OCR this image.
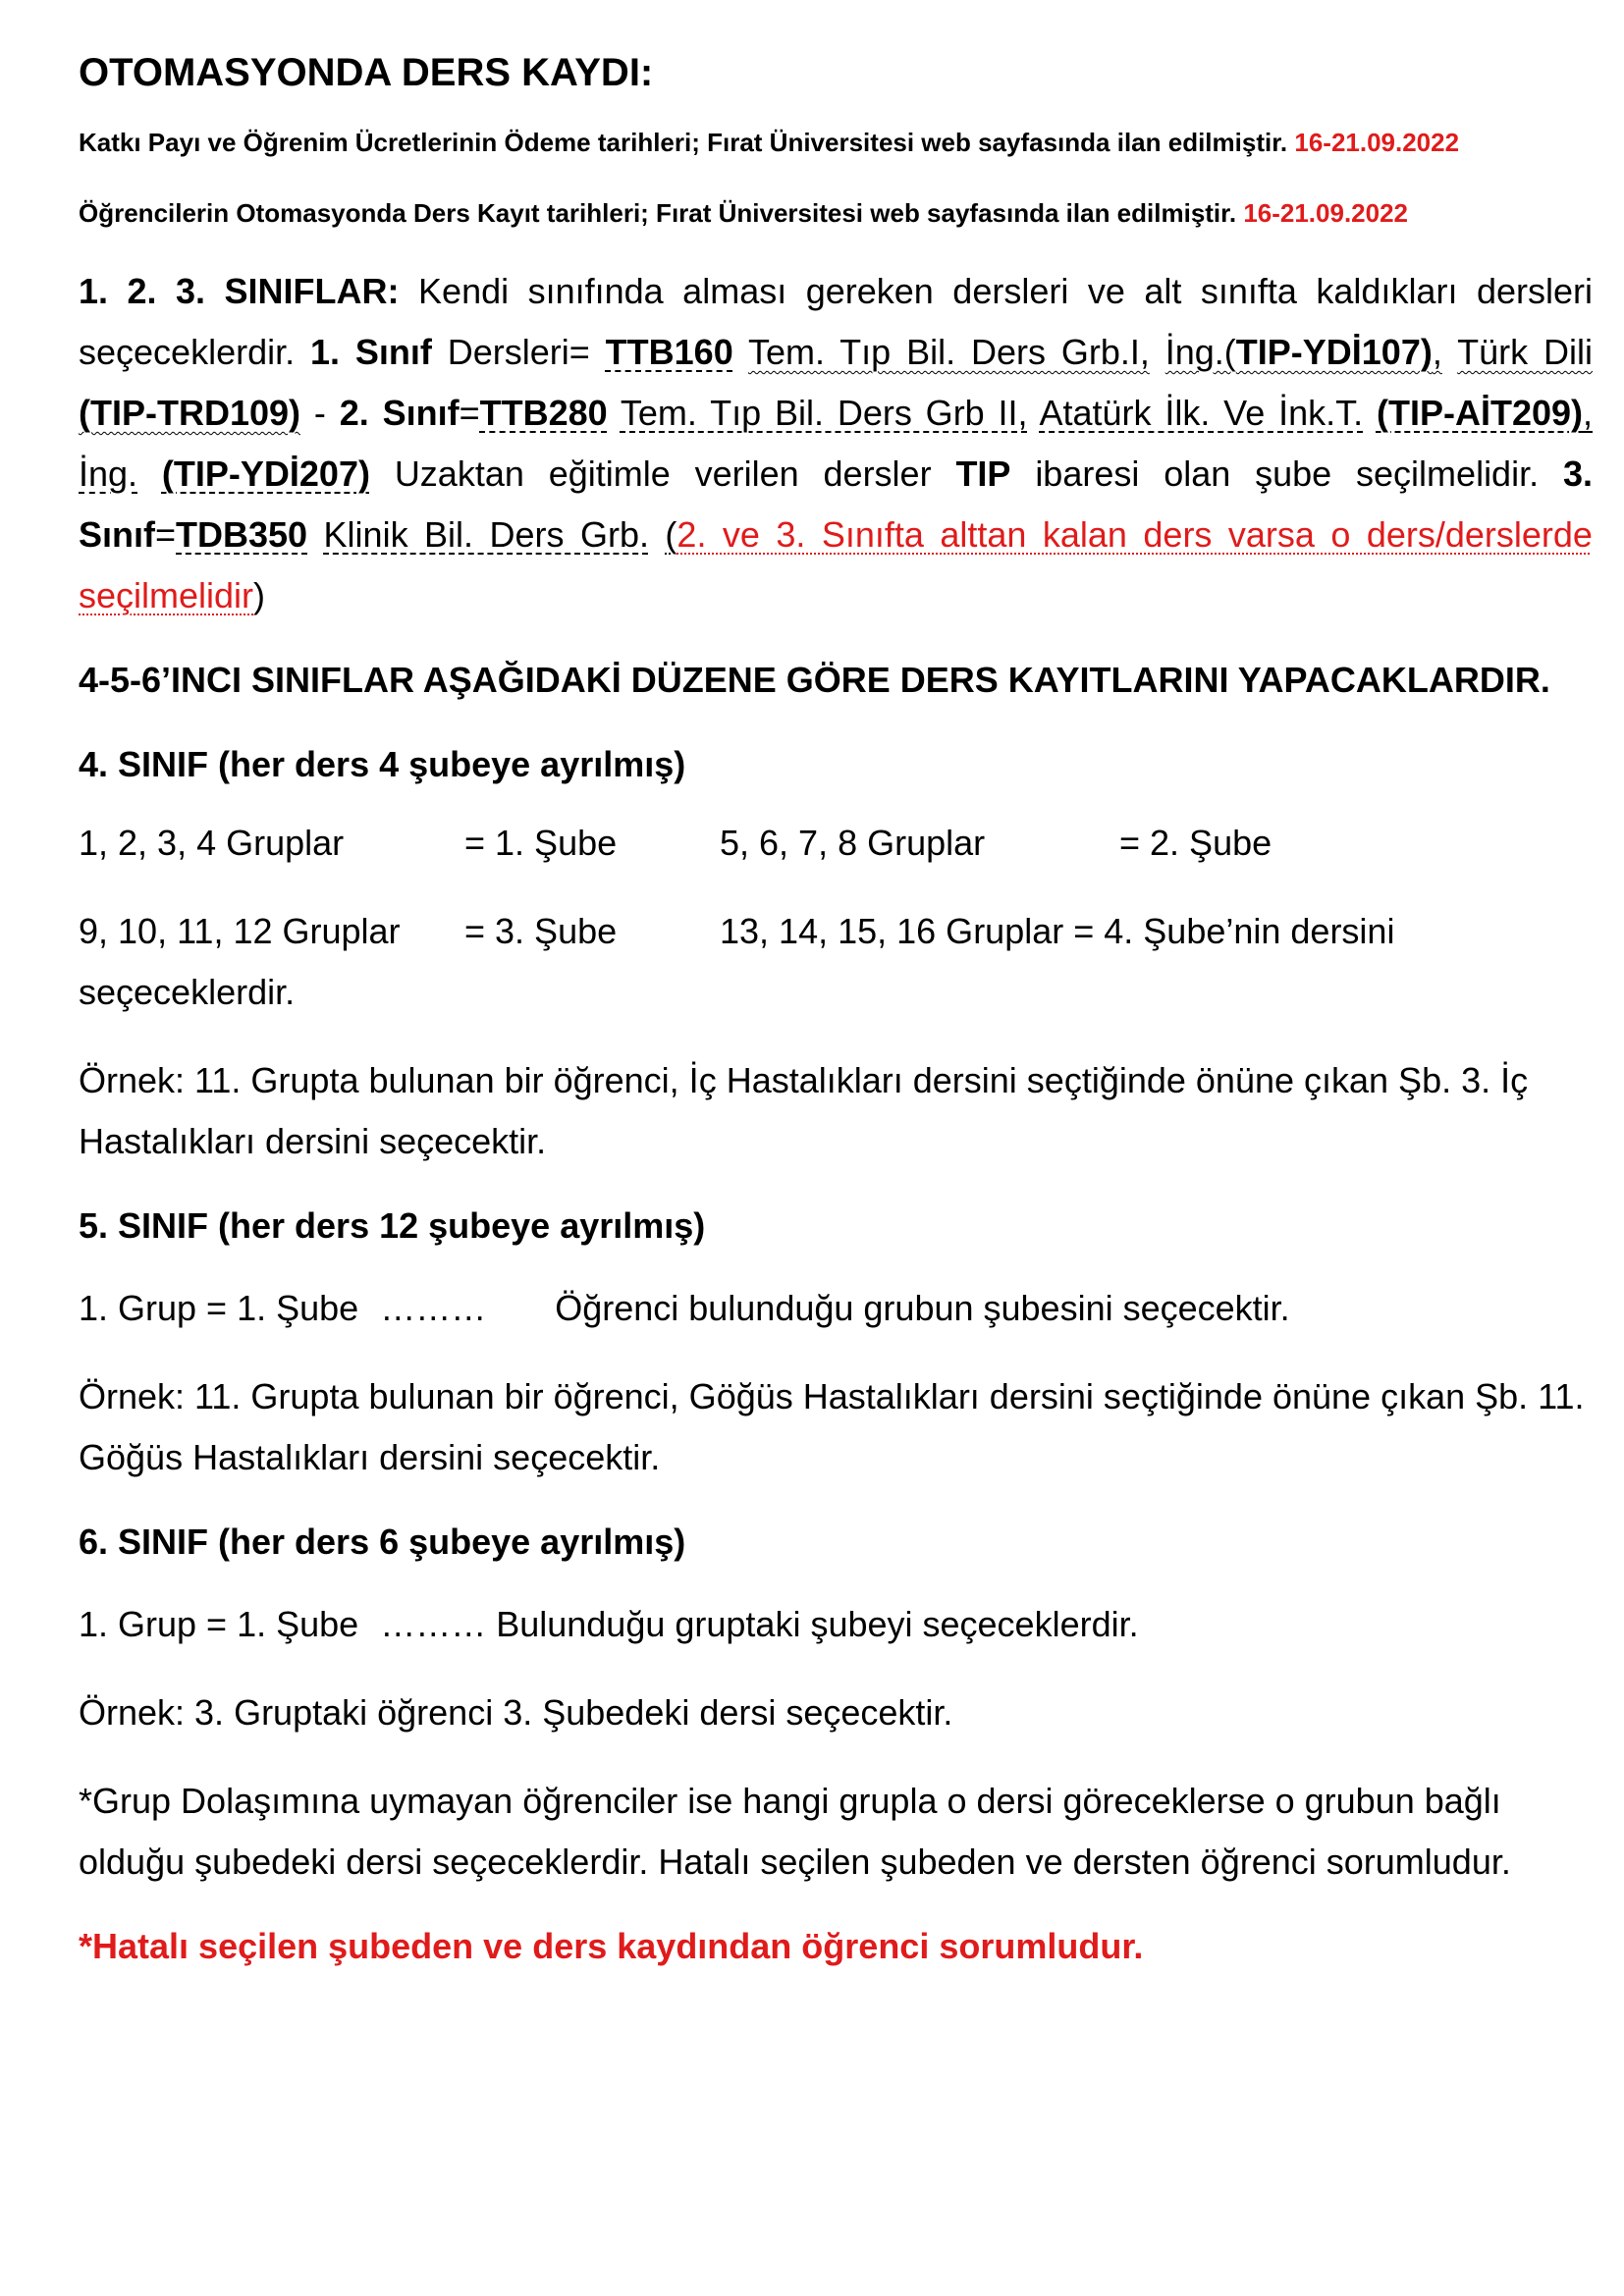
OTOMASYONDA DERS KAYDI:

Katkı Payı ve Öğrenim Ücretlerinin Ödeme tarihleri; Fırat Üniversitesi web sayfasında ilan edilmiştir. 16-21.09.2022

Öğrencilerin Otomasyonda Ders Kayıt tarihleri; Fırat Üniversitesi web sayfasında ilan edilmiştir. 16-21.09.2022

1. 2. 3. SINIFLAR: Kendi sınıfında alması gereken dersleri ve alt sınıfta kaldıkları dersleri seçeceklerdir. 1. Sınıf Dersleri= TTB160 Tem. Tıp Bil. Ders Grb.I, İng.(TIP-YDİ107), Türk Dili (TIP-TRD109) - 2. Sınıf=TTB280 Tem. Tıp Bil. Ders Grb II, Atatürk İlk. Ve İnk.T. (TIP-AİT209), İng. (TIP-YDİ207) Uzaktan eğitimle verilen dersler TIP ibaresi olan şube seçilmelidir. 3. Sınıf=TDB350 Klinik Bil. Ders Grb. (2. ve 3. Sınıfta alttan kalan ders varsa o ders/derslerde seçilmelidir)

4-5-6’INCI SINIFLAR AŞAĞIDAKİ DÜZENE GÖRE DERS KAYITLARINI YAPACAKLARDIR.

4. SINIF (her ders 4 şubeye ayrılmış)

1, 2, 3, 4 Gruplar	= 1. Şube	5, 6, 7, 8 Gruplar	= 2. Şube
9, 10, 11, 12 Gruplar	= 3. Şube	13, 14, 15, 16 Gruplar = 4. Şube’nin dersini

seçeceklerdir.

Örnek: 11. Grupta bulunan bir öğrenci, İç Hastalıkları dersini seçtiğinde önüne çıkan Şb. 3. İç Hastalıkları dersini seçecektir.

5. SINIF (her ders 12 şubeye ayrılmış)

1. Grup = 1. Şube ……… Öğrenci bulunduğu grubun şubesini seçecektir.

Örnek: 11. Grupta bulunan bir öğrenci, Göğüs Hastalıkları dersini seçtiğinde önüne çıkan Şb. 11. Göğüs Hastalıkları dersini seçecektir.

6. SINIF (her ders 6 şubeye ayrılmış)

1. Grup = 1. Şube ……… Bulunduğu gruptaki şubeyi seçeceklerdir.

Örnek: 3. Gruptaki öğrenci 3. Şubedeki dersi seçecektir.

*Grup Dolaşımına uymayan öğrenciler ise hangi grupla o dersi göreceklerse o grubun bağlı olduğu şubedeki dersi seçeceklerdir. Hatalı seçilen şubeden ve dersten öğrenci sorumludur.

*Hatalı seçilen şubeden ve ders kaydından öğrenci sorumludur.
